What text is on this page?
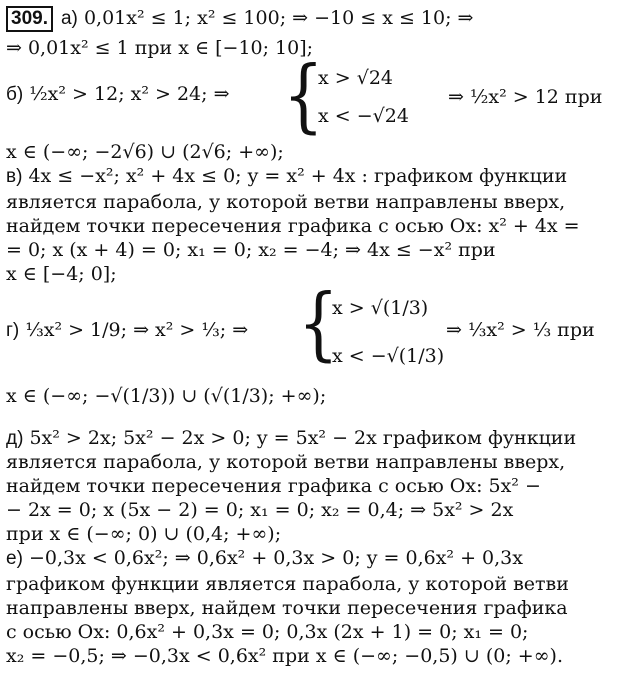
309. а) 0,01x² ≤ 1; x² ≤ 100; ⇒ −10 ≤ x ≤ 10; ⇒
⇒ 0,01x² ≤ 1 при x ∈ [−10; 10];
б) ½x² > 12; x² > 24; ⇒ {
x > √24
x < −√24
⇒ ½x² > 12 при
x ∈ (−∞; −2√6) ∪ (2√6; +∞);
в) 4x ≤ −x²; x² + 4x ≤ 0; y = x² + 4x : графиком функции
является парабола, у которой ветви направлены вверх,
найдем точки пересечения графика с осью Ox: x² + 4x =
= 0; x (x + 4) = 0; x₁ = 0; x₂ = −4; ⇒ 4x ≤ −x² при
x ∈ [−4; 0];
г) ⅓x² > 1/9; ⇒ x² > ⅓; ⇒ {
x > √(1/3)
x < −√(1/3)
⇒ ⅓x² > ⅓ при
x ∈ (−∞; −√(1/3)) ∪ (√(1/3); +∞);
д) 5x² > 2x; 5x² − 2x > 0; y = 5x² − 2x графиком функции
является парабола, у которой ветви направлены вверх,
найдем точки пересечения графика с осью Ox: 5x² −
− 2x = 0; x (5x − 2) = 0; x₁ = 0; x₂ = 0,4; ⇒ 5x² > 2x
при x ∈ (−∞; 0) ∪ (0,4; +∞);
е) −0,3x < 0,6x²; ⇒ 0,6x² + 0,3x > 0; y = 0,6x² + 0,3x
графиком функции является парабола, у которой ветви
направлены вверх, найдем точки пересечения графика
с осью Ox: 0,6x² + 0,3x = 0; 0,3x (2x + 1) = 0; x₁ = 0;
x₂ = −0,5; ⇒ −0,3x < 0,6x² при x ∈ (−∞; −0,5) ∪ (0; +∞).
